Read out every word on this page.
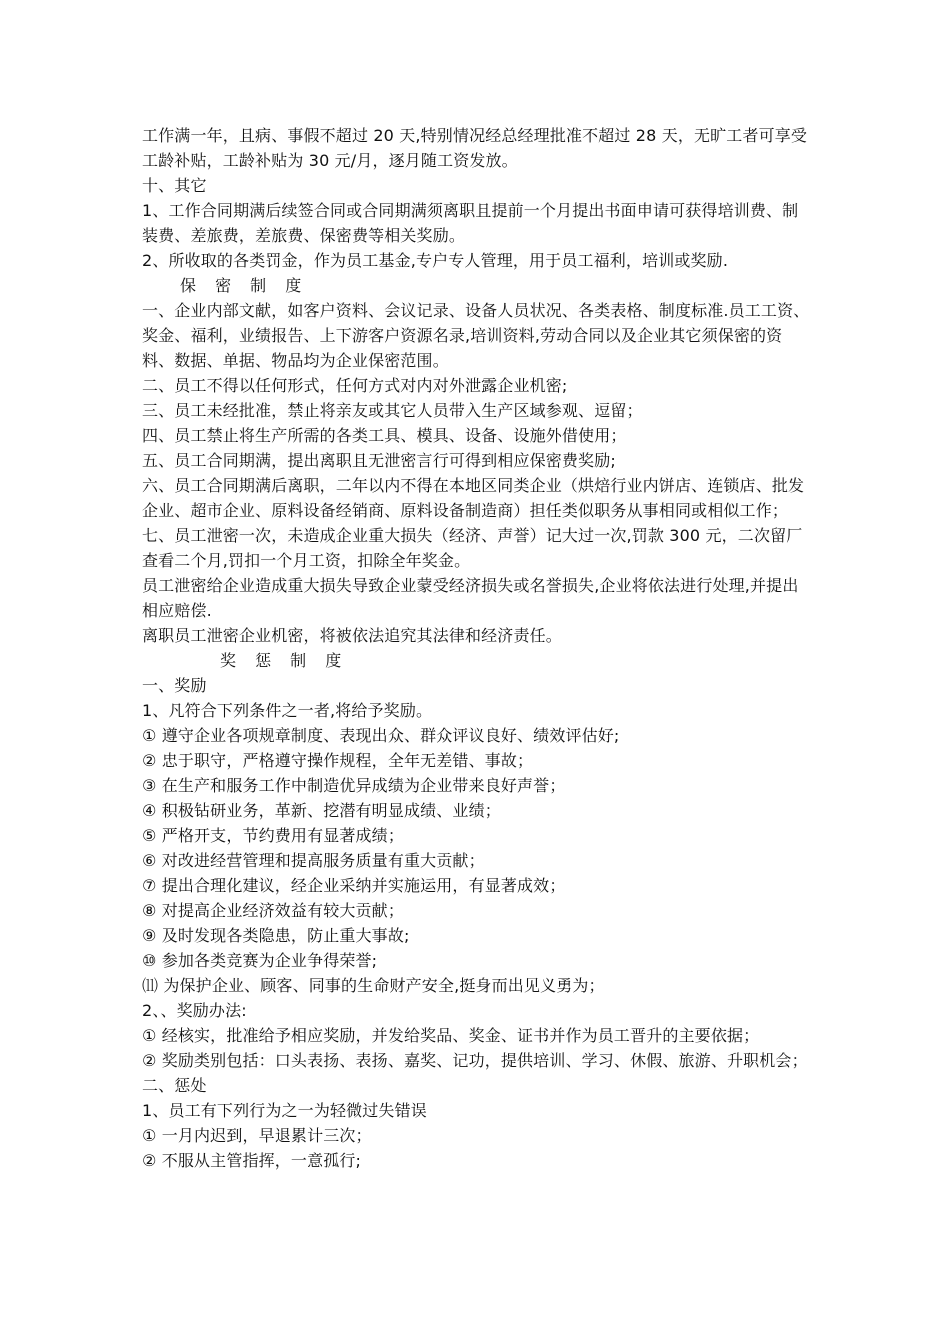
工作满一年，且病、事假不超过 20 天,特别情况经总经理批准不超过 28 天，无旷工者可享受工龄补贴，工龄补贴为 30 元/月，逐月随工资发放。

十、其它

1、工作合同期满后续签合同或合同期满须离职且提前一个月提出书面申请可获得培训费、制装费、差旅费，差旅费、保密费等相关奖励。

2、所收取的各类罚金，作为员工基金,专户专人管理，用于员工福利，培训或奖励.

保 密 制 度

一、企业内部文献，如客户资料、会议记录、设备人员状况、各类表格、制度标准.员工工资、奖金、福利，业绩报告、上下游客户资源名录,培训资料,劳动合同以及企业其它须保密的资料、数据、单据、物品均为企业保密范围。

二、员工不得以任何形式，任何方式对内对外泄露企业机密;

三、员工未经批准，禁止将亲友或其它人员带入生产区域参观、逗留；

四、员工禁止将生产所需的各类工具、模具、设备、设施外借使用；

五、员工合同期满，提出离职且无泄密言行可得到相应保密费奖励;

六、员工合同期满后离职，二年以内不得在本地区同类企业（烘焙行业内饼店、连锁店、批发企业、超市企业、原料设备经销商、原料设备制造商）担任类似职务从事相同或相似工作；

七、员工泄密一次，未造成企业重大损失（经济、声誉）记大过一次,罚款 300 元，二次留厂查看二个月,罚扣一个月工资，扣除全年奖金。

员工泄密给企业造成重大损失导致企业蒙受经济损失或名誉损失,企业将依法进行处理,并提出相应赔偿.

离职员工泄密企业机密，将被依法追究其法律和经济责任。

奖 惩 制 度

一、奖励

1、凡符合下列条件之一者,将给予奖励。

① 遵守企业各项规章制度、表现出众、群众评议良好、绩效评估好;

② 忠于职守，严格遵守操作规程，全年无差错、事故；

③ 在生产和服务工作中制造优异成绩为企业带来良好声誉；

④ 积极钻研业务，革新、挖潜有明显成绩、业绩；

⑤ 严格开支，节约费用有显著成绩；

⑥ 对改进经营管理和提高服务质量有重大贡献；

⑦ 提出合理化建议，经企业采纳并实施运用，有显著成效；

⑧ 对提高企业经济效益有较大贡献；

⑨ 及时发现各类隐患，防止重大事故;

⑩ 参加各类竞赛为企业争得荣誉;

⑾ 为保护企业、顾客、同事的生命财产安全,挺身而出见义勇为；

2、、奖励办法:

① 经核实，批准给予相应奖励，并发给奖品、奖金、证书并作为员工晋升的主要依据；

② 奖励类别包括：口头表扬、表扬、嘉奖、记功，提供培训、学习、休假、旅游、升职机会；

二、惩处

1、员工有下列行为之一为轻微过失错误

① 一月内迟到，早退累计三次；

② 不服从主管指挥，一意孤行;
